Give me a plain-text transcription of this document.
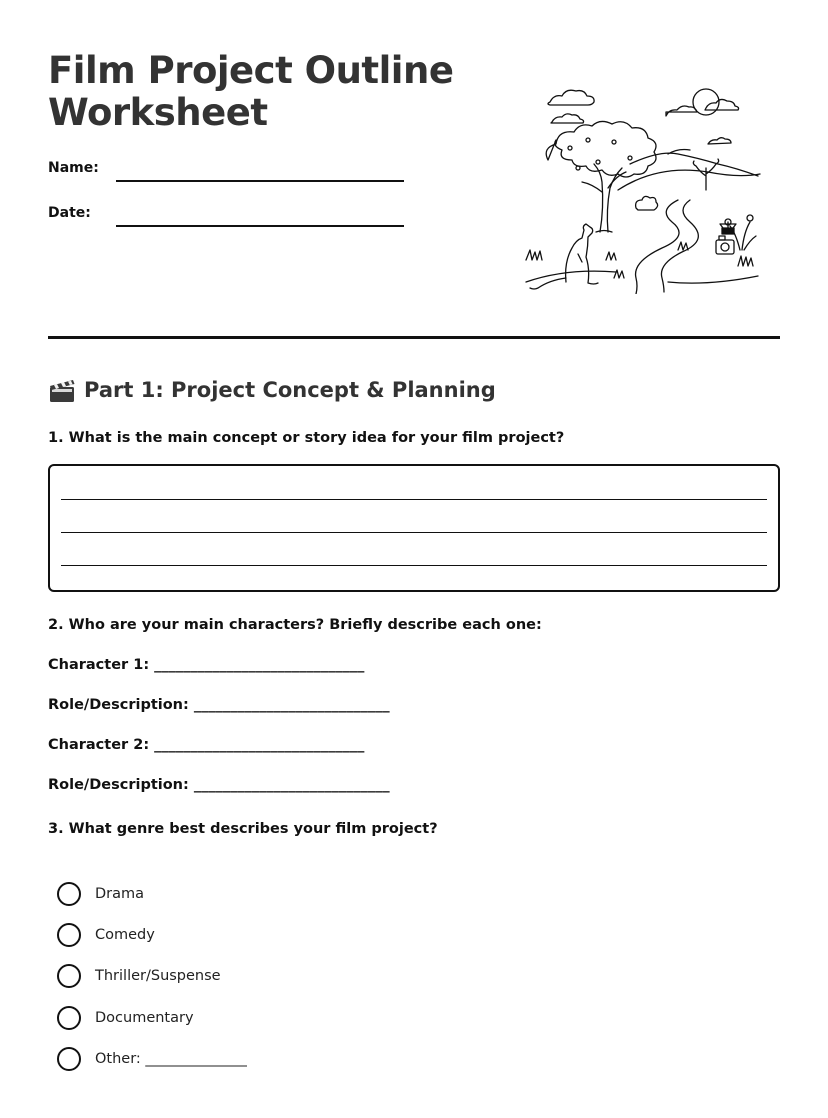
Film Project Outline
Worksheet
Name:
Date:
Part 1: Project Concept & Planning
1. What is the main concept or story idea for your film project?
2. Who are your main characters? Briefly describe each one:
Character 1: _____________________________
Role/Description: ___________________________
Character 2: _____________________________
Role/Description: ___________________________
3. What genre best describes your film project?
Drama
Comedy
Thriller/Suspense
Documentary
Other: ______________
